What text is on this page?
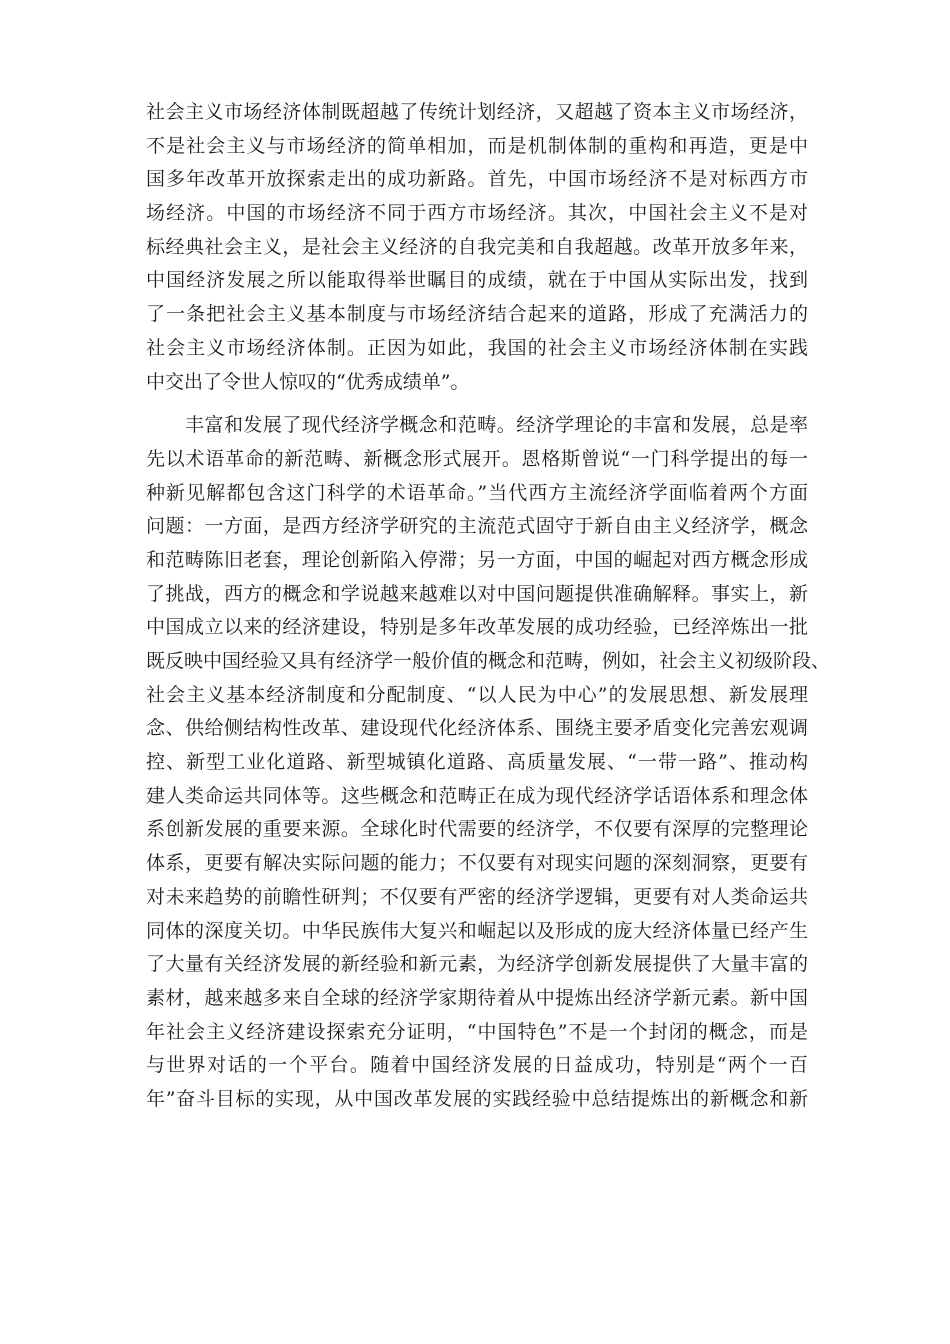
社会主义市场经济体制既超越了传统计划经济，又超越了资本主义市场经济，
不是社会主义与市场经济的简单相加，而是机制体制的重构和再造，更是中
国多年改革开放探索走出的成功新路。首先，中国市场经济不是对标西方市
场经济。中国的市场经济不同于西方市场经济。其次，中国社会主义不是对
标经典社会主义，是社会主义经济的自我完美和自我超越。改革开放多年来，
中国经济发展之所以能取得举世瞩目的成绩，就在于中国从实际出发，找到
了一条把社会主义基本制度与市场经济结合起来的道路，形成了充满活力的
社会主义市场经济体制。正因为如此，我国的社会主义市场经济体制在实践
中交出了令世人惊叹的“优秀成绩单”。
　　丰富和发展了现代经济学概念和范畴。经济学理论的丰富和发展，总是率
先以术语革命的新范畴、新概念形式展开。恩格斯曾说“一门科学提出的每一
种新见解都包含这门科学的术语革命。”当代西方主流经济学面临着两个方面
问题：一方面，是西方经济学研究的主流范式固守于新自由主义经济学，概念
和范畴陈旧老套，理论创新陷入停滞；另一方面，中国的崛起对西方概念形成
了挑战，西方的概念和学说越来越难以对中国问题提供准确解释。事实上，新
中国成立以来的经济建设，特别是多年改革发展的成功经验，已经淬炼出一批
既反映中国经验又具有经济学一般价值的概念和范畴，例如，社会主义初级阶段、
社会主义基本经济制度和分配制度、“以人民为中心”的发展思想、新发展理
念、供给侧结构性改革、建设现代化经济体系、围绕主要矛盾变化完善宏观调
控、新型工业化道路、新型城镇化道路、高质量发展、“一带一路”、推动构
建人类命运共同体等。这些概念和范畴正在成为现代经济学话语体系和理念体
系创新发展的重要来源。全球化时代需要的经济学，不仅要有深厚的完整理论
体系，更要有解决实际问题的能力；不仅要有对现实问题的深刻洞察，更要有
对未来趋势的前瞻性研判；不仅要有严密的经济学逻辑，更要有对人类命运共
同体的深度关切。中华民族伟大复兴和崛起以及形成的庞大经济体量已经产生
了大量有关经济发展的新经验和新元素，为经济学创新发展提供了大量丰富的
素材，越来越多来自全球的经济学家期待着从中提炼出经济学新元素。新中国
年社会主义经济建设探索充分证明，“中国特色”不是一个封闭的概念，而是
与世界对话的一个平台。随着中国经济发展的日益成功，特别是“两个一百
年”奋斗目标的实现，从中国改革发展的实践经验中总结提炼出的新概念和新
